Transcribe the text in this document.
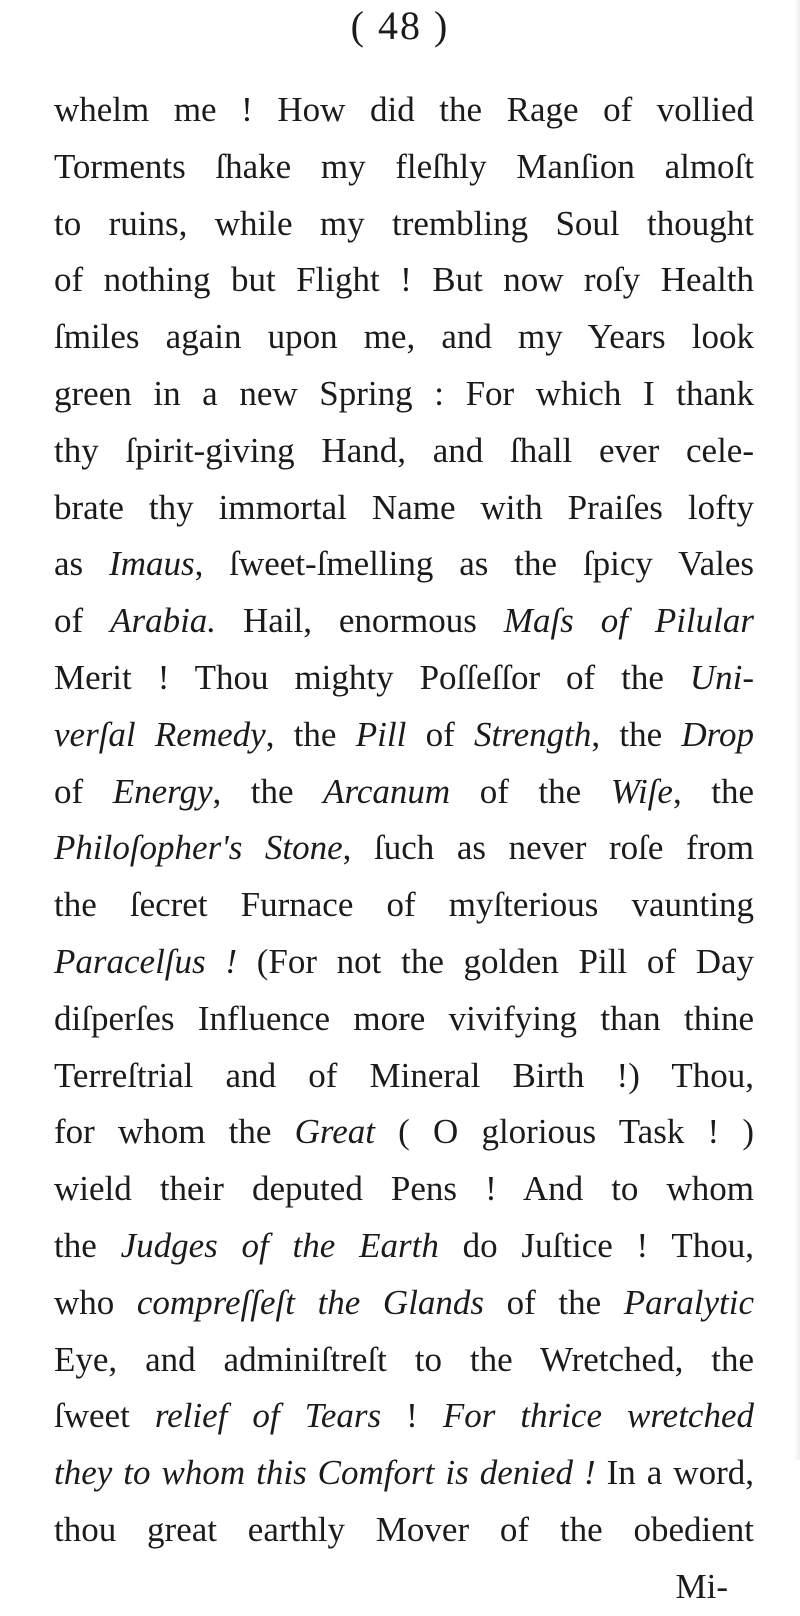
( 48 )
whelm me ! How did the Rage of vollied
Torments ſhake my fleſhly Manſion almoſt
to ruins, while my trembling Soul thought
of nothing but Flight ! But now roſy Health
ſmiles again upon me, and my Years look
green in a new Spring : For which I thank
thy ſpirit-giving Hand, and ſhall ever cele-
brate thy immortal Name with Praiſes lofty
as Imaus, ſweet-ſmelling as the ſpicy Vales
of Arabia. Hail, enormous Maſs of Pilular
Merit ! Thou mighty Poſſeſſor of the Uni-
verſal Remedy, the Pill of Strength, the Drop
of Energy, the Arcanum of the Wiſe, the
Philoſopher's Stone, ſuch as never roſe from
the ſecret Furnace of myſterious vaunting
Paracelſus ! (For not the golden Pill of Day
diſperſes Influence more vivifying than thine
Terreſtrial and of Mineral Birth !) Thou,
for whom the Great ( O glorious Task ! )
wield their deputed Pens ! And to whom
the Judges of the Earth do Juſtice ! Thou,
who compreſſeſt the Glands of the Paralytic
Eye, and adminiſtreſt to the Wretched, the
ſweet relief of Tears ! For thrice wretched
they to whom this Comfort is denied ! In a word,
thou great earthly Mover of the obedient
Mi-
